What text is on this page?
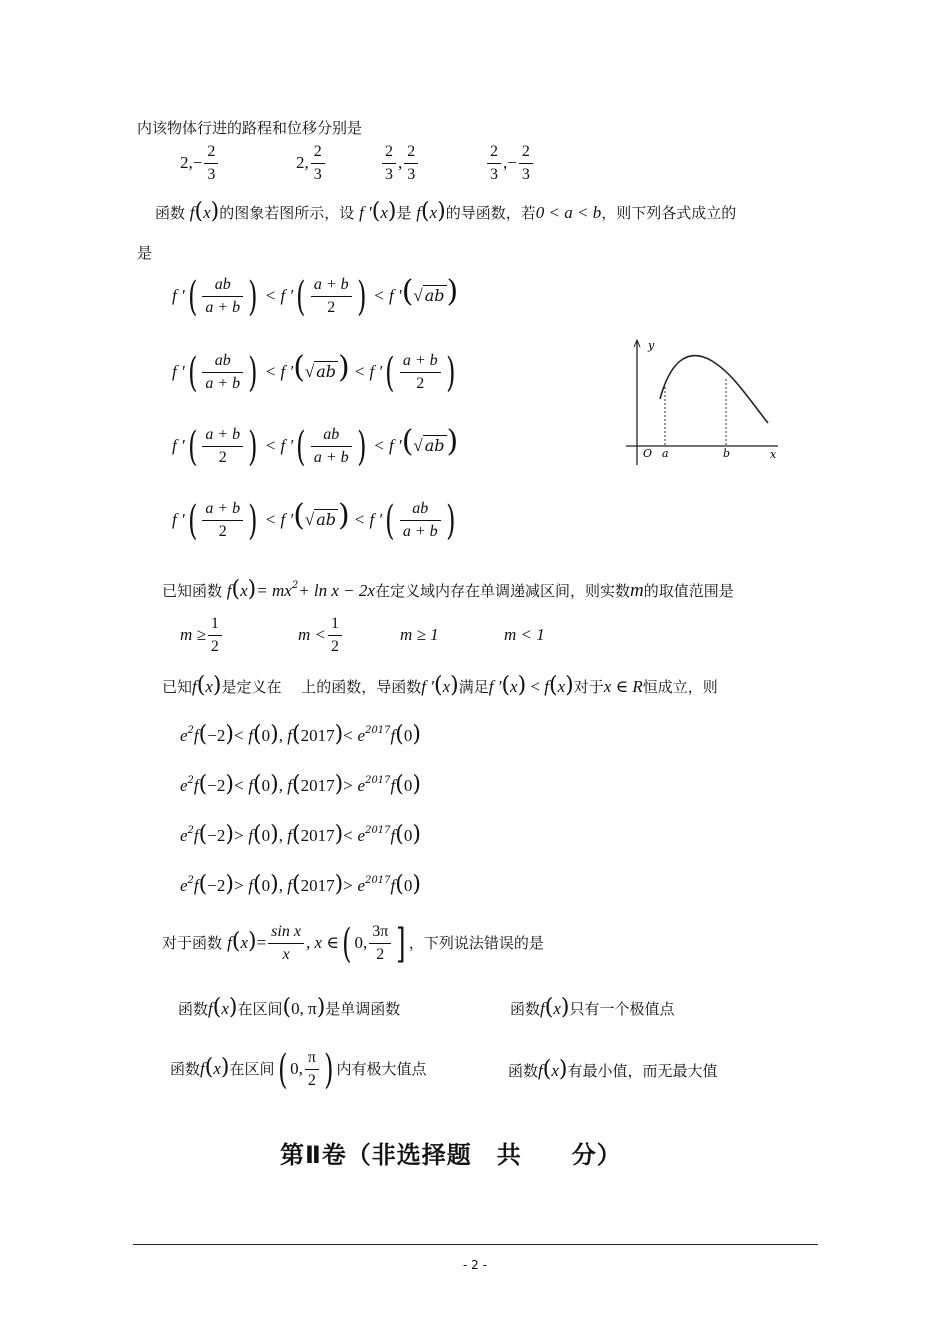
内该物体行进的路程和位移分别是
$2,- \frac{2}{3}$	2, $\frac{2}{3}$	$\frac{2}{3}$ , $\frac{2}{3}$	$\frac{2}{3}$ ,− $\frac{2}{3}$
函数 f(x)的图象若图所示，设 f ′(x)是 f(x)的导函数，若0 < a < b，则下列各式成立的
是
f ′( $\frac{ab}{a + b}$ ) < f ′( $\frac{a + b}{2}$ ) < f ′(√ ab)
f ′( $\frac{ab}{a + b}$ ) < f ′(√ ab) < f ′( $\frac{a + b}{2}$ )
f ′( $\frac{a + b}{2}$ ) < f ′( $\frac{ab}{a + b}$ ) < f ′(√ ab)
f ′( $\frac{a + b}{2}$ ) < f ′(√ ab) < f ′( $\frac{ab}{a + b}$ )
y
O a	b	x
已知函数 $f(x)= mx^2+ \ln x - 2x$在定义域内存在单调递减区间，则实数m的取值范围是
$m \ge \frac{1}{2}$	$m < \frac{1}{2}$	m ≥ 1	m < 1
已知f(x)是定义在　 上的函数，导函数f ′(x)满足f ′(x) < f(x)对于x ∈ R恒成立，则
$e^2f(-2)< f(0)$, $f(2017)< e^{2017}f(0)$
$e^2f(-2)< f(0)$, $f(2017)> e^{2017}f(0)$
$e^2f(-2)> f(0)$, $f(2017)< e^{2017}f(0)$
$e^2f(-2)> f(0)$, $f(2017)> e^{2017}f(0)$
对于函数 $f(x)= \frac{\text{sin x}}{x}$ , x ∈( 0, $\frac{3\pi}{2}$ ] ，下列说法错误的是
函数f(x)在区间(0, π)是单调函数	函数f(x)只有一个极值点
函数f(x)在区间( 0, $\frac{\pi}{2}$ ) 内有极大值点	函数f(x)有最小值，而无最大值
第Ⅱ卷（非选择题　共　　分）
- 2 -
